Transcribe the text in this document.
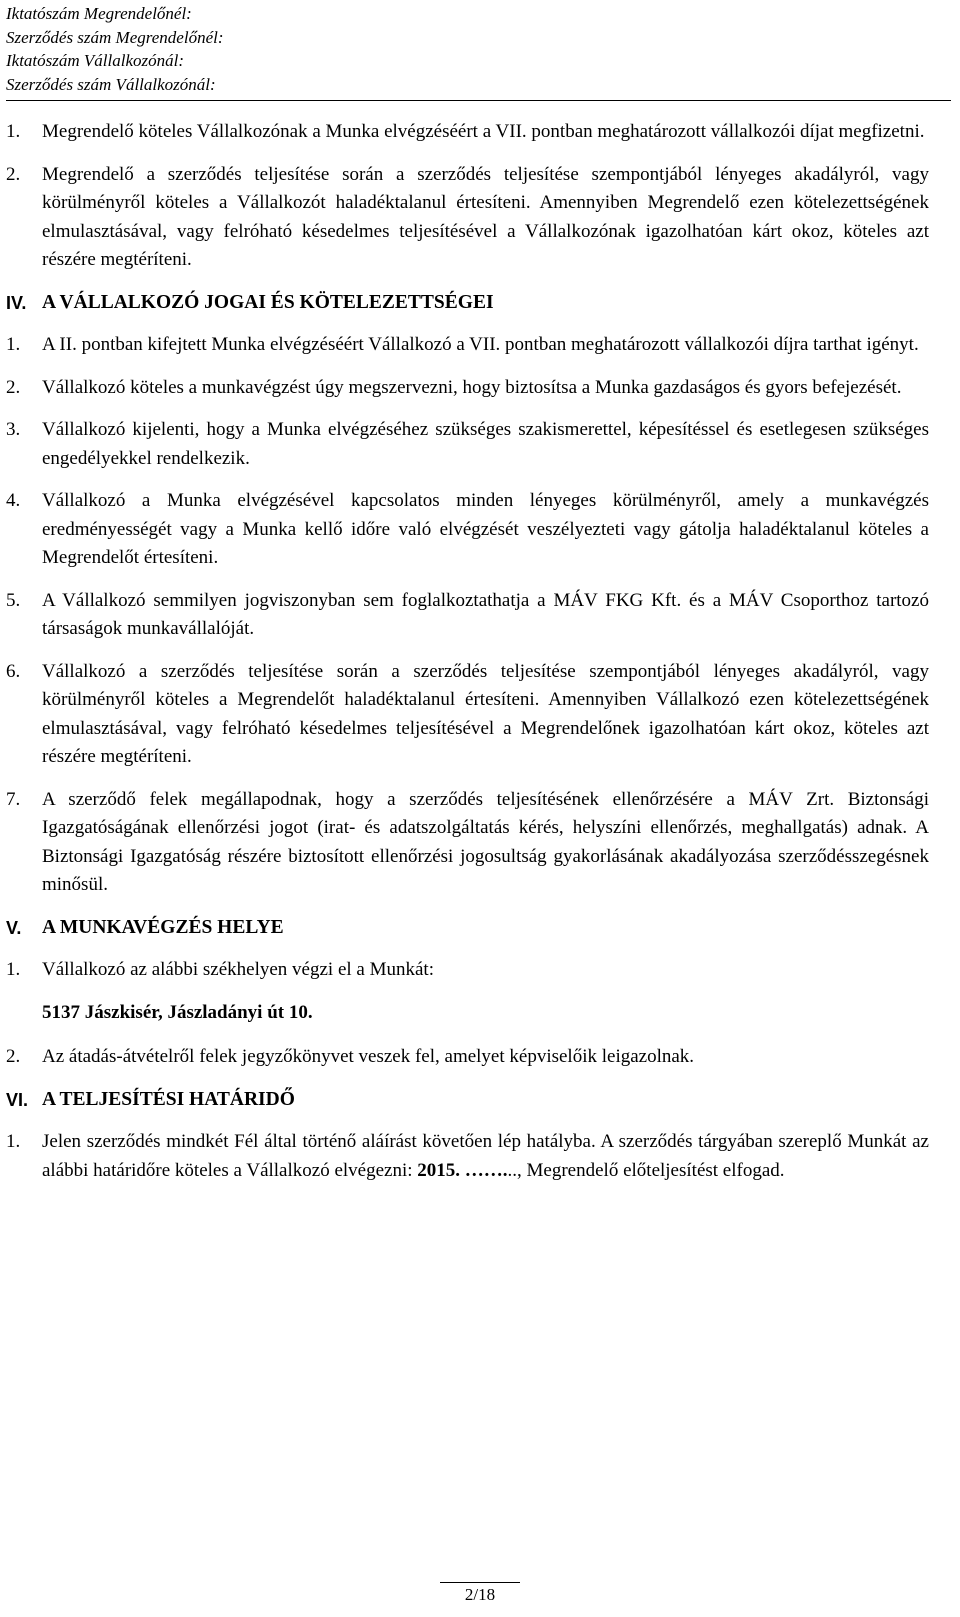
Iktatószám Megrendelőnél:
Szerződés szám Megrendelőnél:
Iktatószám Vállalkozónál:
Szerződés szám Vállalkozónál:
1.	Megrendelő köteles Vállalkozónak a Munka elvégzéséért a VII. pontban meghatározott vállalkozói díjat megfizetni.
2.	Megrendelő a szerződés teljesítése során a szerződés teljesítése szempontjából lényeges akadályról, vagy körülményről köteles a Vállalkozót haladéktalanul értesíteni. Amennyiben Megrendelő ezen kötelezettségének elmulasztásával, vagy felróható késedelmes teljesítésével a Vállalkozónak igazolhatóan kárt okoz, köteles azt részére megtéríteni.
IV. A VÁLLALKOZÓ JOGAI ÉS KÖTELEZETTSÉGEI
1.	A II. pontban kifejtett Munka elvégzéséért Vállalkozó a VII. pontban meghatározott vállalkozói díjra tarthat igényt.
2.	Vállalkozó köteles a munkavégzést úgy megszervezni, hogy biztosítsa a Munka gazdaságos és gyors befejezését.
3.	Vállalkozó kijelenti, hogy a Munka elvégzéséhez szükséges szakismerettel, képesítéssel és esetlegesen szükséges engedélyekkel rendelkezik.
4.	Vállalkozó a Munka elvégzésével kapcsolatos minden lényeges körülményről, amely a munkavégzés eredményességét vagy a Munka kellő időre való elvégzését veszélyezteti vagy gátolja haladéktalanul köteles a Megrendelőt értesíteni.
5.	A Vállalkozó semmilyen jogviszonyban sem foglalkoztathatja a MÁV FKG Kft. és a MÁV Csoporthoz tartozó társaságok munkavállalóját.
6.	Vállalkozó a szerződés teljesítése során a szerződés teljesítése szempontjából lényeges akadályról, vagy körülményről köteles a Megrendelőt haladéktalanul értesíteni. Amennyiben Vállalkozó ezen kötelezettségének elmulasztásával, vagy felróható késedelmes teljesítésével a Megrendelőnek igazolhatóan kárt okoz, köteles azt részére megtéríteni.
7.	A szerződő felek megállapodnak, hogy a szerződés teljesítésének ellenőrzésére a MÁV Zrt. Biztonsági Igazgatóságának ellenőrzési jogot (irat- és adatszolgáltatás kérés, helyszíni ellenőrzés, meghallgatás) adnak. A Biztonsági Igazgatóság részére biztosított ellenőrzési jogosultság gyakorlásának akadályozása szerződésszegésnek minősül.
V.	A MUNKAVÉGZÉS HELYE
1.	Vállalkozó az alábbi székhelyen végzi el a Munkát:
5137 Jászkisér, Jászladányi út 10.
2.	Az átadás-átvételről felek jegyzőkönyvet veszek fel, amelyet képviselőik leigazolnak.
VI. A TELJESÍTÉSI HATÁRIDŐ
1.	Jelen szerződés mindkét Fél által történő aláírást követően lép hatályba. A szerződés tárgyában szereplő Munkát az alábbi határidőre köteles a Vállalkozó elvégezni: 2015. ……..., Megrendelő előteljesítést elfogad.
2/18
